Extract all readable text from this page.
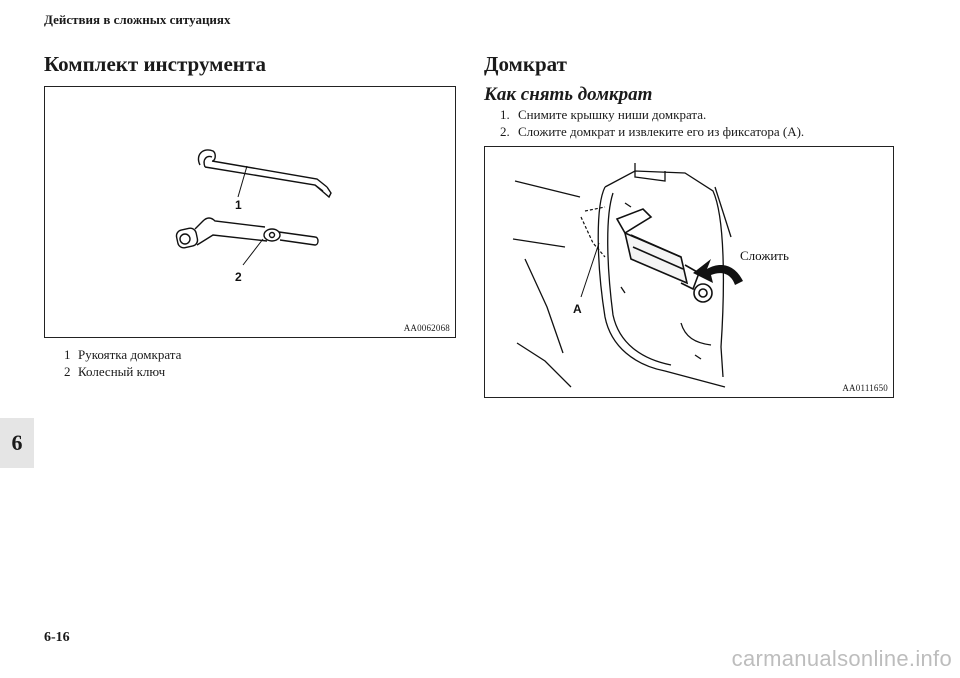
Действия в сложных ситуациях
Комплект инструмента
1
2
AA0062068
1 Рукоятка домкрата
2 Колесный ключ
Домкрат
Как снять домкрат
1. Снимите крышку ниши домкрата.
2. Сложите домкрат и извлеките его из фиксатора (A).
A
Сложить
AA0111650
6
6-16
carmanualsonline.info
